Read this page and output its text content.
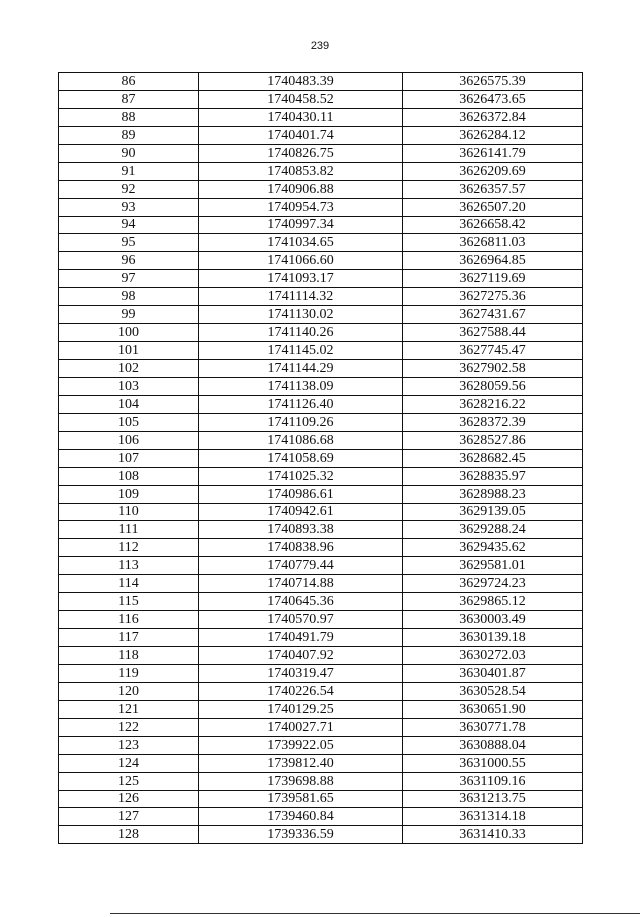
239
86	1740483.39	3626575.39
87	1740458.52	3626473.65
88	1740430.11	3626372.84
89	1740401.74	3626284.12
90	1740826.75	3626141.79
91	1740853.82	3626209.69
92	1740906.88	3626357.57
93	1740954.73	3626507.20
94	1740997.34	3626658.42
95	1741034.65	3626811.03
96	1741066.60	3626964.85
97	1741093.17	3627119.69
98	1741114.32	3627275.36
99	1741130.02	3627431.67
100	1741140.26	3627588.44
101	1741145.02	3627745.47
102	1741144.29	3627902.58
103	1741138.09	3628059.56
104	1741126.40	3628216.22
105	1741109.26	3628372.39
106	1741086.68	3628527.86
107	1741058.69	3628682.45
108	1741025.32	3628835.97
109	1740986.61	3628988.23
110	1740942.61	3629139.05
111	1740893.38	3629288.24
112	1740838.96	3629435.62
113	1740779.44	3629581.01
114	1740714.88	3629724.23
115	1740645.36	3629865.12
116	1740570.97	3630003.49
117	1740491.79	3630139.18
118	1740407.92	3630272.03
119	1740319.47	3630401.87
120	1740226.54	3630528.54
121	1740129.25	3630651.90
122	1740027.71	3630771.78
123	1739922.05	3630888.04
124	1739812.40	3631000.55
125	1739698.88	3631109.16
126	1739581.65	3631213.75
127	1739460.84	3631314.18
128	1739336.59	3631410.33
